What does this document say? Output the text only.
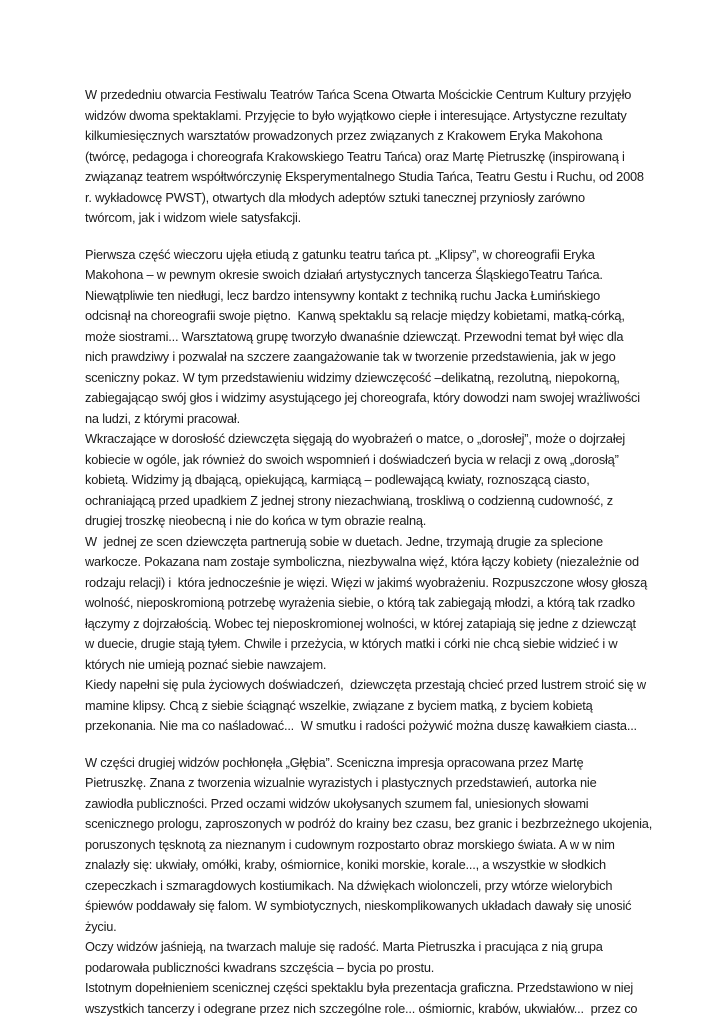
W przededniu otwarcia Festiwalu Teatrów Tańca Scena Otwarta Mościckie Centrum Kultury przyjęło
widzów dwoma spektaklami. Przyjęcie to było wyjątkowo ciepłe i interesujące. Artystyczne rezultaty
kilkumiesięcznych warsztatów prowadzonych przez związanych z Krakowem Eryka Makohona
(twórcę, pedagoga i choreografa Krakowskiego Teatru Tańca) oraz Martę Pietruszkę (inspirowaną i
związanąz teatrem współtwórczynię Eksperymentalnego Studia Tańca, Teatru Gestu i Ruchu, od 2008
r. wykładowcę PWST), otwartych dla młodych adeptów sztuki tanecznej przyniosły zarówno
twórcom, jak i widzom wiele satysfakcji.
Pierwsza część wieczoru ujęła etiudą z gatunku teatru tańca pt. „Klipsy”, w choreografii Eryka
Makohona – w pewnym okresie swoich działań artystycznych tancerza ŚląskiegoTeatru Tańca.
Niewątpliwie ten niedługi, lecz bardzo intensywny kontakt z techniką ruchu Jacka Łumińskiego
odcisnął na choreografii swoje piętno.  Kanwą spektaklu są relacje między kobietami, matką-córką,
może siostrami... Warsztatową grupę tworzyło dwanaśnie dziewcząt. Przewodni temat był więc dla
nich prawdziwy i pozwalał na szczere zaangażowanie tak w tworzenie przedstawienia, jak w jego
sceniczny pokaz. W tym przedstawieniu widzimy dziewczęcość –delikatną, rezolutną, niepokorną,
zabiegającąo swój głos i widzimy asystującego jej choreografa, który dowodzi nam swojej wrażliwości
na ludzi, z którymi pracował.
Wkraczające w dorosłość dziewczęta sięgają do wyobrażeń o matce, o „dorosłej”, może o dojrzałej
kobiecie w ogóle, jak również do swoich wspomnień i doświadczeń bycia w relacji z ową „dorosłą”
kobietą. Widzimy ją dbającą, opiekującą, karmiącą – podlewającą kwiaty, roznoszącą ciasto,
ochraniającą przed upadkiem Z jednej strony niezachwianą, troskliwą o codzienną cudowność, z
drugiej troszkę nieobecną i nie do końca w tym obrazie realną.
W  jednej ze scen dziewczęta partnerują sobie w duetach. Jedne, trzymają drugie za splecione
warkocze. Pokazana nam zostaje symboliczna, niezbywalna więź, która łączy kobiety (niezależnie od
rodzaju relacji) i  która jednocześnie je więzi. Więzi w jakimś wyobrażeniu. Rozpuszczone włosy głoszą
wolność, nieposkromioną potrzebę wyrażenia siebie, o którą tak zabiegają młodzi, a którą tak rzadko
łączymy z dojrzałością. Wobec tej nieposkromionej wolności, w której zatapiają się jedne z dziewcząt
w duecie, drugie stają tyłem. Chwile i przeżycia, w których matki i córki nie chcą siebie widzieć i w
których nie umieją poznać siebie nawzajem.
Kiedy napełni się pula życiowych doświadczeń,  dziewczęta przestają chcieć przed lustrem stroić się w
mamine klipsy. Chcą z siebie ściągnąć wszelkie, związane z byciem matką, z byciem kobietą
przekonania. Nie ma co naśladować...  W smutku i radości pożywić można duszę kawałkiem ciasta...
W części drugiej widzów pochłonęła „Głębia”. Sceniczna impresja opracowana przez Martę
Pietruszkę. Znana z tworzenia wizualnie wyrazistych i plastycznych przedstawień, autorka nie
zawiodła publiczności. Przed oczami widzów ukołysanych szumem fal, uniesionych słowami
scenicznego prologu, zaproszonych w podróż do krainy bez czasu, bez granic i bezbrzeżnego ukojenia,
poruszonych tęsknotą za nieznanym i cudownym rozpostarto obraz morskiego świata. A w w nim
znalazły się: ukwiały, omółki, kraby, ośmiornice, koniki morskie, korale..., a wszystkie w słodkich
czepeczkach i szmaragdowych kostiumikach. Na dźwiękach wiolonczeli, przy wtórze wielorybich
śpiewów poddawały się falom. W symbiotycznych, nieskomplikowanych układach dawały się unosić
życiu.
Oczy widzów jaśnieją, na twarzach maluje się radość. Marta Pietruszka i pracująca z nią grupa
podarowała publiczności kwadrans szczęścia – bycia po prostu.
Istotnym dopełnieniem scenicznej części spektaklu była prezentacja graficzna. Przedstawiono w niej
wszystkich tancerzy i odegrane przez nich szczególne role... ośmiornic, krabów, ukwiałów...  przez co
